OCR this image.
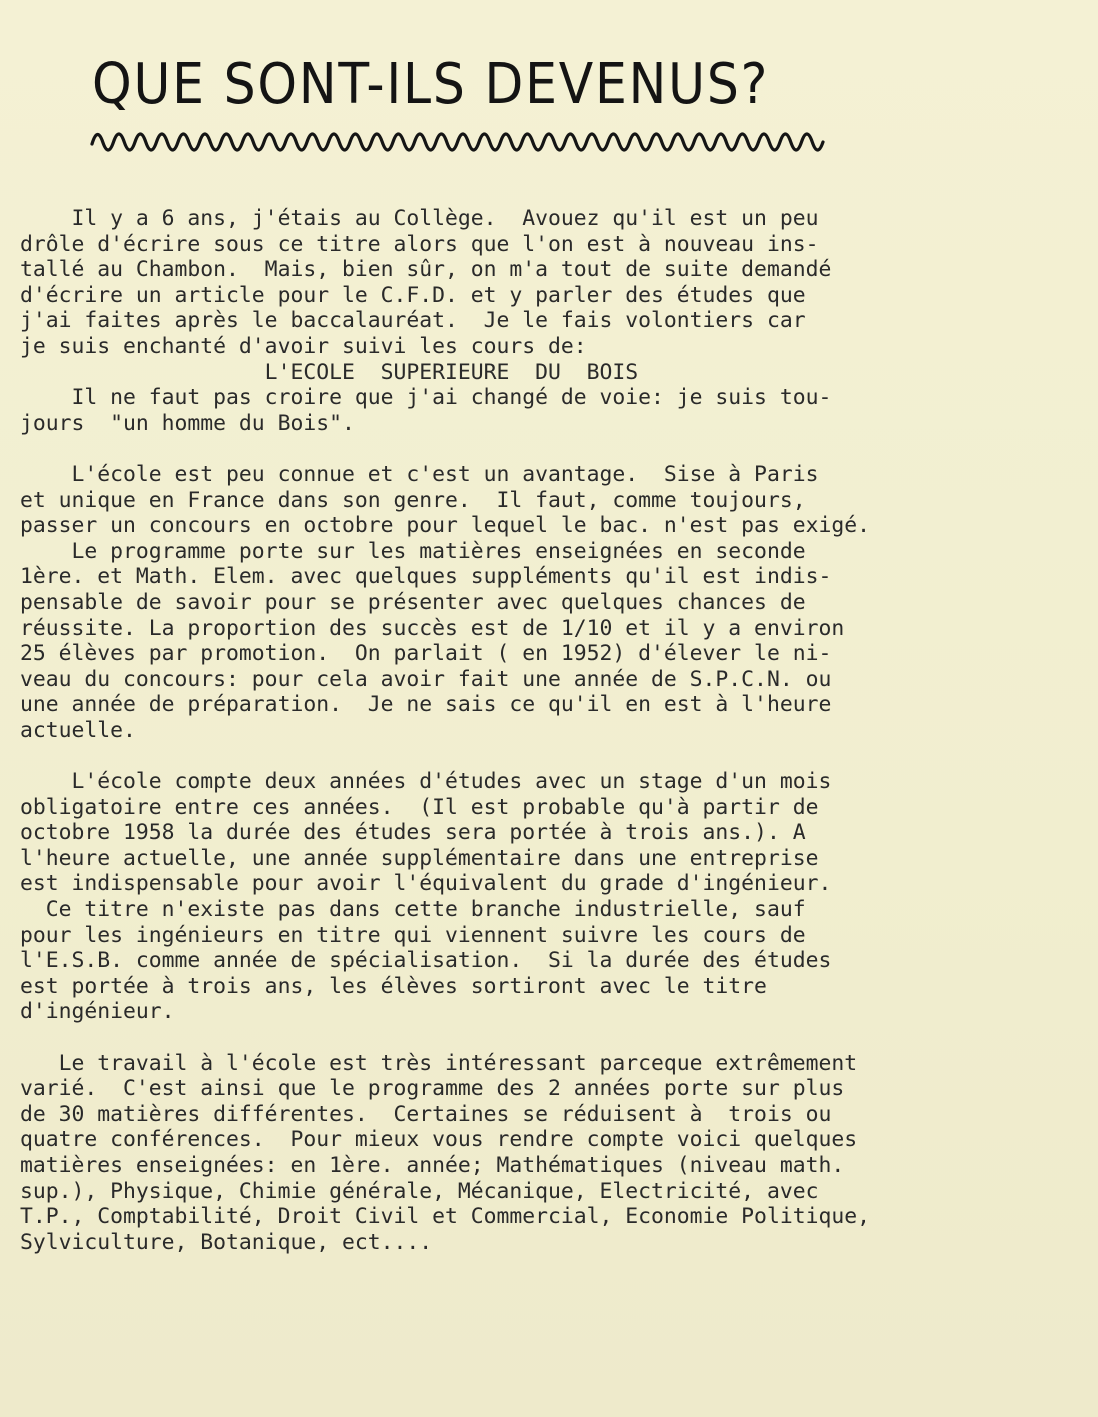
QUE SONT-ILS DEVENUS?
Il y a 6 ans, j'étais au Collège.  Avouez qu'il est un peu
drôle d'écrire sous ce titre alors que l'on est à nouveau ins-
tallé au Chambon.  Mais, bien sûr, on m'a tout de suite demandé
d'écrire un article pour le C.F.D. et y parler des études que
j'ai faites après le baccalauréat.  Je le fais volontiers car
je suis enchanté d'avoir suivi les cours de:
L'ECOLE  SUPERIEURE  DU  BOIS
Il ne faut pas croire que j'ai changé de voie: je suis tou-
jours  "un homme du Bois".
L'école est peu connue et c'est un avantage.  Sise à Paris
et unique en France dans son genre.  Il faut, comme toujours,
passer un concours en octobre pour lequel le bac. n'est pas exigé.
Le programme porte sur les matières enseignées en seconde
1ère. et Math. Elem. avec quelques suppléments qu'il est indis-
pensable de savoir pour se présenter avec quelques chances de
réussite. La proportion des succès est de 1/10 et il y a environ
25 élèves par promotion.  On parlait ( en 1952) d'élever le ni-
veau du concours: pour cela avoir fait une année de S.P.C.N. ou
une année de préparation.  Je ne sais ce qu'il en est à l'heure
actuelle.
L'école compte deux années d'études avec un stage d'un mois
obligatoire entre ces années.  (Il est probable qu'à partir de
octobre 1958 la durée des études sera portée à trois ans.). A
l'heure actuelle, une année supplémentaire dans une entreprise
est indispensable pour avoir l'équivalent du grade d'ingénieur.
Ce titre n'existe pas dans cette branche industrielle, sauf
pour les ingénieurs en titre qui viennent suivre les cours de
l'E.S.B. comme année de spécialisation.  Si la durée des études
est portée à trois ans, les élèves sortiront avec le titre
d'ingénieur.
Le travail à l'école est très intéressant parceque extrêmement
varié.  C'est ainsi que le programme des 2 années porte sur plus
de 30 matières différentes.  Certaines se réduisent à  trois ou
quatre conférences.  Pour mieux vous rendre compte voici quelques
matières enseignées: en 1ère. année; Mathématiques (niveau math.
sup.), Physique, Chimie générale, Mécanique, Electricité, avec
T.P., Comptabilité, Droit Civil et Commercial, Economie Politique,
Sylviculture, Botanique, ect....
